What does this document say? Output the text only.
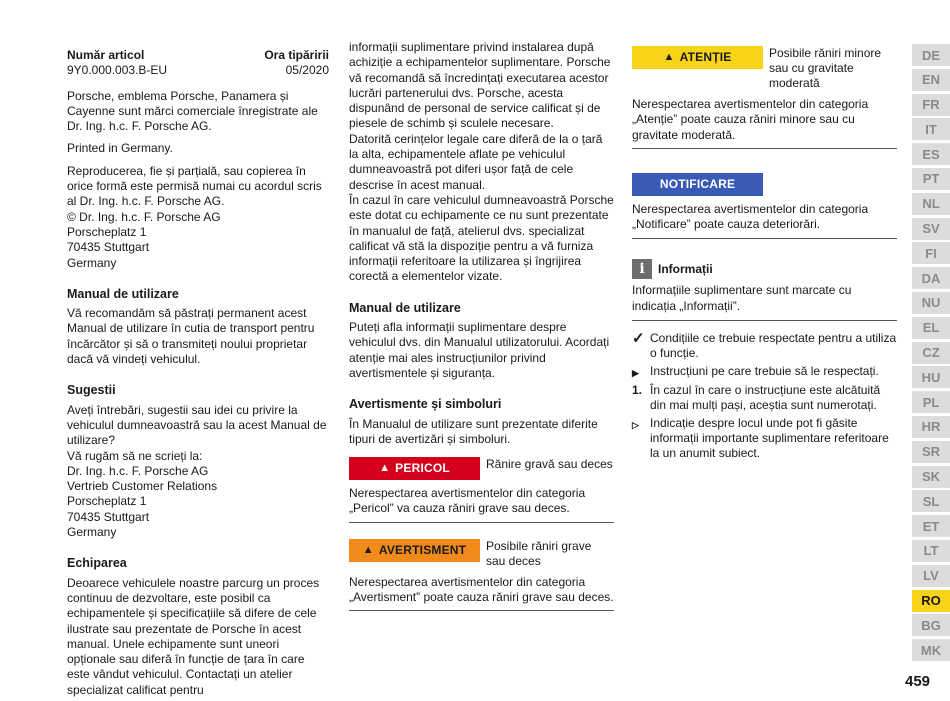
Număr articol	Ora tipăririi
9Y0.000.003.B-EU	05/2020

Porsche, emblema Porsche, Panamera și Cayenne sunt mărci comerciale înregistrate ale Dr. Ing. h.c. F. Porsche AG.

Printed in Germany.

Reproducerea, fie și parțială, sau copierea în orice formă este permisă numai cu acordul scris al Dr. Ing. h.c. F. Porsche AG.

© Dr. Ing. h.c. F. Porsche AG

Porscheplatz 1

70435 Stuttgart

Germany

Manual de utilizare

Vă recomandăm să păstrați permanent acest Manual de utilizare în cutia de transport pentru încărcător și să o transmiteți noului proprietar dacă vă vindeți vehiculul.

Sugestii

Aveți întrebări, sugestii sau idei cu privire la vehiculul dumneavoastră sau la acest Manual de utilizare?

Vă rugăm să ne scrieți la:

Dr. Ing. h.c. F. Porsche AG

Vertrieb Customer Relations

Porscheplatz 1

70435 Stuttgart

Germany

Echiparea

Deoarece vehiculele noastre parcurg un proces continuu de dezvoltare, este posibil ca echipamentele și specificațiile să difere de cele ilustrate sau prezentate de Porsche în acest manual. Unele echipamente sunt uneori opționale sau diferă în funcție de țara în care este vândut vehiculul. Contactați un atelier specializat calificat pentru

informații suplimentare privind instalarea după achiziție a echipamentelor suplimentare. Porsche vă recomandă să încredințați executarea acestor lucrări partenerului dvs. Porsche, acesta dispunând de personal de service calificat și de piesele de schimb și sculele necesare.

Datorită cerințelor legale care diferă de la o țară la alta, echipamentele aflate pe vehiculul dumneavoastră pot diferi ușor față de cele descrise în acest manual.

În cazul în care vehiculul dumneavoastră Porsche este dotat cu echipamente ce nu sunt prezentate în manualul de față, atelierul dvs. specializat calificat vă stă la dispoziție pentru a vă furniza informații referitoare la utilizarea și îngrijirea corectă a elementelor vizate.

Manual de utilizare

Puteți afla informații suplimentare despre vehiculul dvs. din Manualul utilizatorului. Acordați atenție mai ales instrucțiunilor privind avertismentele și siguranța.

Avertismente și simboluri

În Manualul de utilizare sunt prezentate diferite tipuri de avertizări și simboluri.

▲ PERICOL	Rănire gravă sau deces

Nerespectarea avertismentelor din categoria „Pericol” va cauza răniri grave sau deces.

▲ AVERTISMENT Posibile răniri grave sau deces

Nerespectarea avertismentelor din categoria „Avertisment” poate cauza răniri grave sau deces.

▲ ATENȚIE	Posibile răniri minore sau cu gravitate moderată

Nerespectarea avertismentelor din categoria „Atenție” poate cauza răniri minore sau cu gravitate moderată.

NOTIFICARE

Nerespectarea avertismentelor din categoria „Notificare” poate cauza deteriorări.

i	Informații

Informațiile suplimentare sunt marcate cu indicația „Informații”.

✓ Condițiile ce trebuie respectate pentru a utiliza o funcție.
▶ Instrucțiuni pe care trebuie să le respectați.
1. În cazul în care o instrucțiune este alcătuită din mai mulți pași, aceștia sunt numerotați.
▷ Indicație despre locul unde pot fi găsite informații importante suplimentare referitoare la un anumit subiect.
DE
EN
FR
IT
ES
PT
NL
SV
FI
DA
NU
EL
CZ
HU
PL
HR
SR
SK
SL
ET
LT
LV
RO
BG
MK
459
